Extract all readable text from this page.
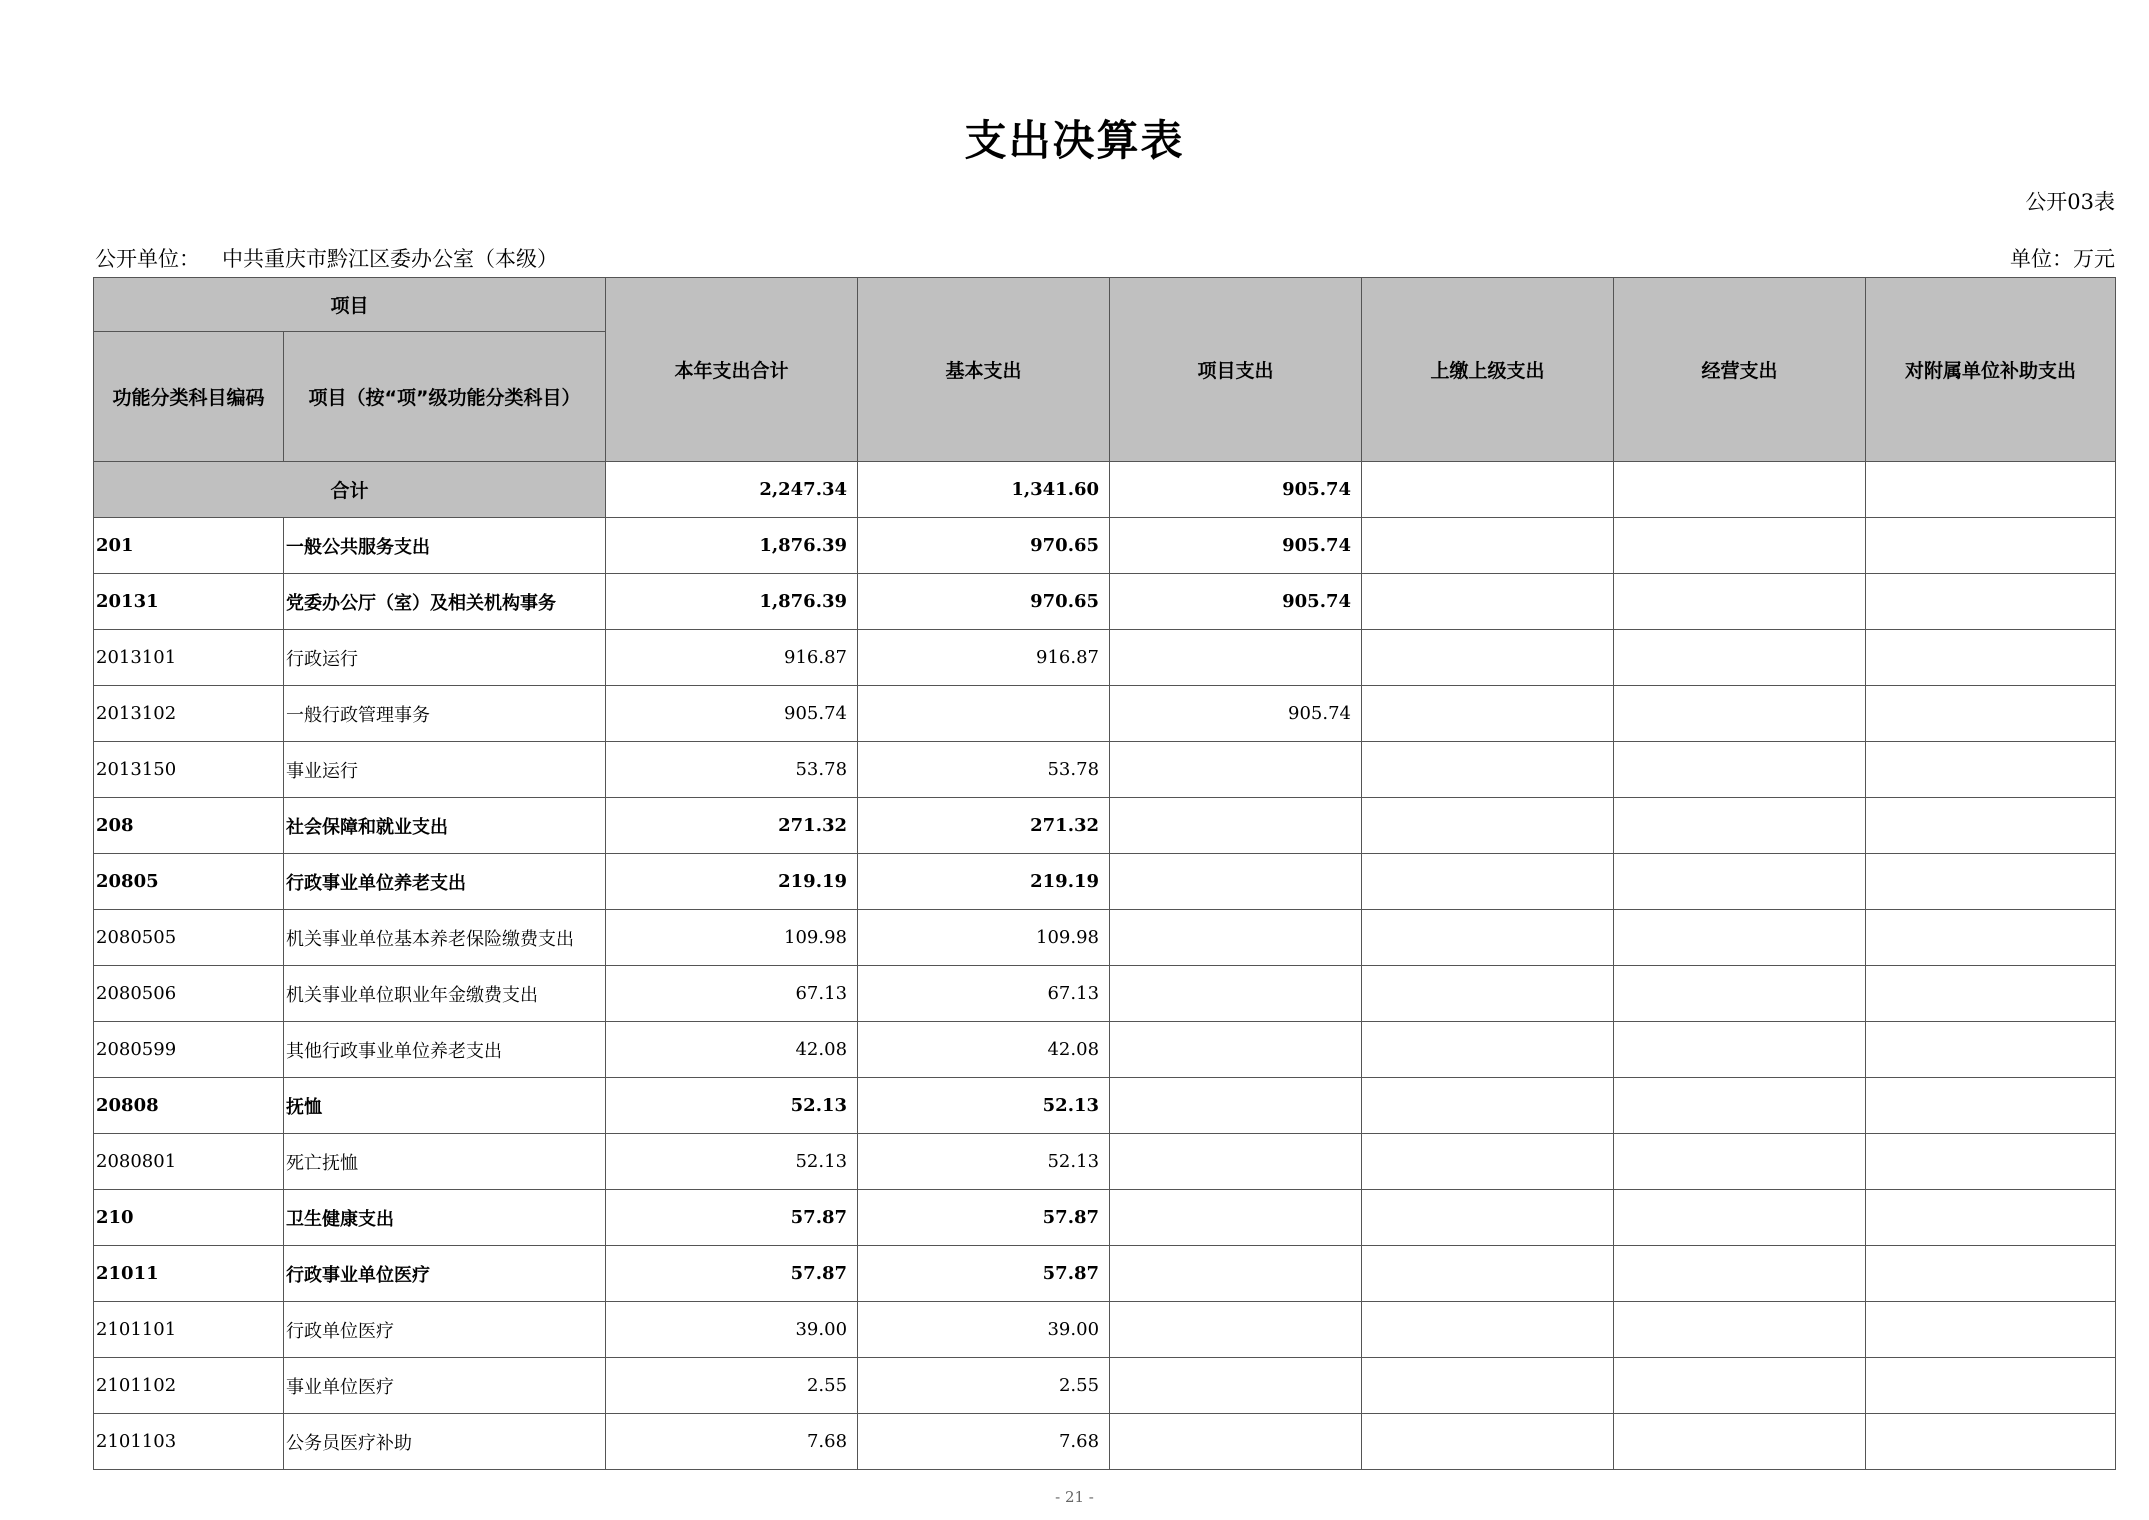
支出决算表
公开03表
公开单位： 中共重庆市黔江区委办公室（本级）	单位：万元
项目		本年支出合计	基本支出	项目支出	上缴上级支出	经营支出	对附属单位补助支出
功能分类科目编码	项目（按“项”级功能分类科目）						
合计		2,247.34	1,341.60	905.74			
201	一般公共服务支出	1,876.39	970.65	905.74			
20131	党委办公厅（室）及相关机构事务	1,876.39	970.65	905.74			
2013101	行政运行	916.87	916.87				
2013102	一般行政管理事务	905.74		905.74			
2013150	事业运行	53.78	53.78				
208	社会保障和就业支出	271.32	271.32				
20805	行政事业单位养老支出	219.19	219.19				
2080505	机关事业单位基本养老保险缴费支出	109.98	109.98				
2080506	机关事业单位职业年金缴费支出	67.13	67.13				
2080599	其他行政事业单位养老支出	42.08	42.08				
20808	抚恤	52.13	52.13				
2080801	死亡抚恤	52.13	52.13				
210	卫生健康支出	57.87	57.87				
21011	行政事业单位医疗	57.87	57.87				
2101101	行政单位医疗	39.00	39.00				
2101102	事业单位医疗	2.55	2.55				
2101103	公务员医疗补助	7.68	7.68				
- 21 -
